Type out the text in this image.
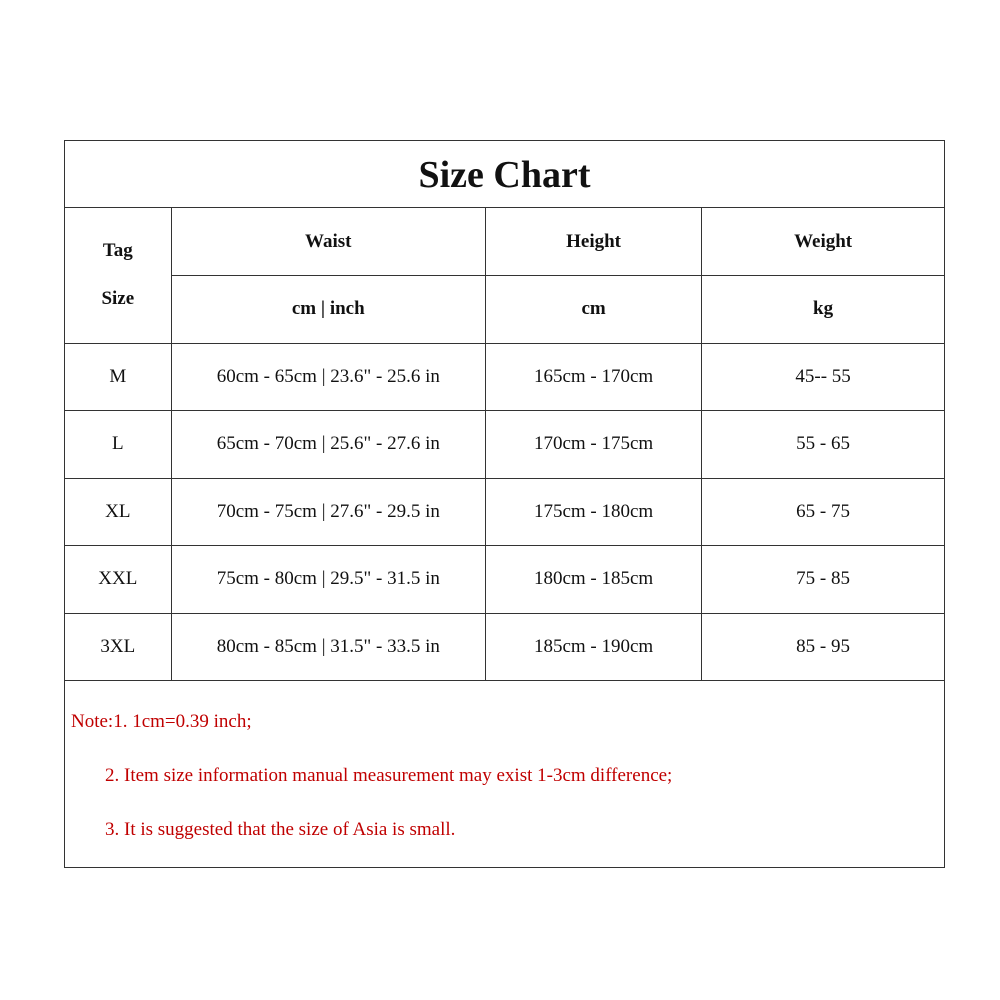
Size Chart
Tag
Size	Waist	Height	Weight
	cm | inch	cm	kg
M	60cm - 65cm | 23.6" - 25.6 in	165cm - 170cm	45-- 55
L	65cm - 70cm | 25.6" - 27.6 in	170cm - 175cm	55 - 65
XL	70cm - 75cm | 27.6" - 29.5 in	175cm - 180cm	65 - 75
XXL	75cm - 80cm | 29.5" - 31.5 in	180cm - 185cm	75 - 85
3XL	80cm - 85cm | 31.5" - 33.5 in	185cm - 190cm	85 - 95
Note:1. 1cm=0.39 inch;
2. Item size information manual measurement may exist 1-3cm difference;
3. It is suggested that the size of Asia is small.
